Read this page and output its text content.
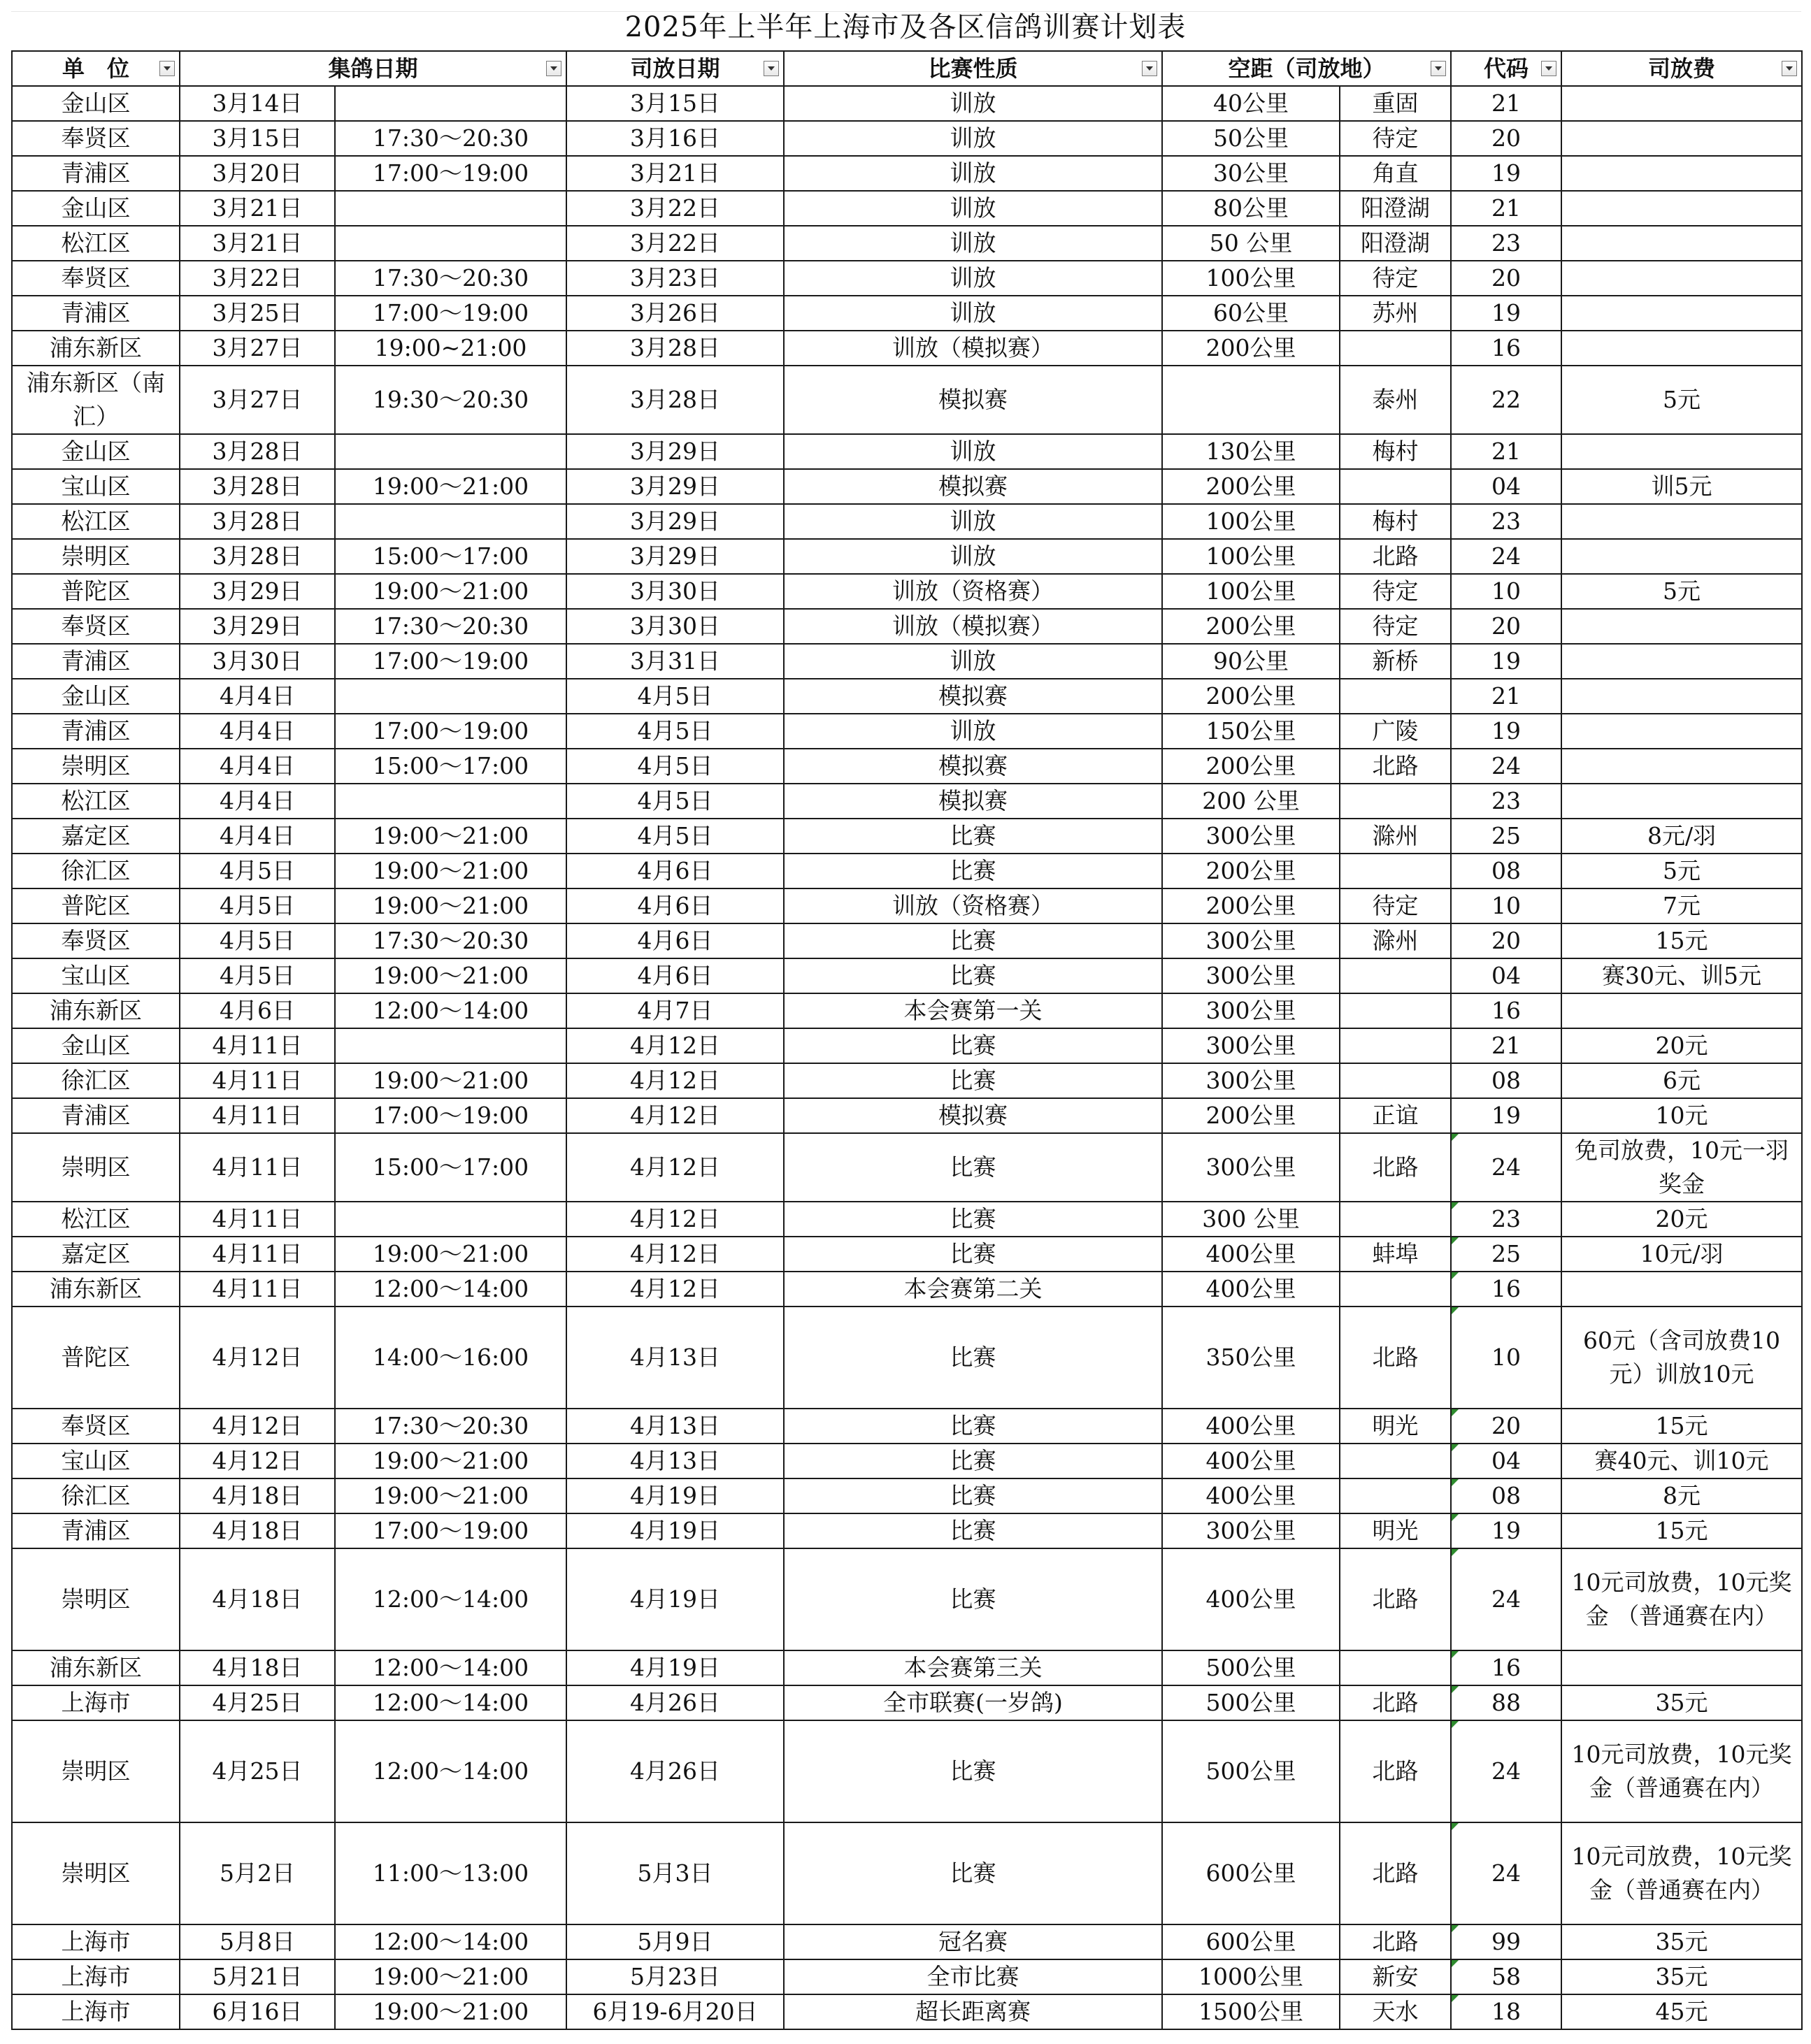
2025年上半年上海市及各区信鸽训赛计划表
单　位	集鸽日期		司放日期	比赛性质	空距（司放地）		代码	司放费

金山区	3月14日		3月15日	训放	40公里	重固	21	
奉贤区	3月15日	17:30～20:30	3月16日	训放	50公里	待定	20	
青浦区	3月20日	17:00～19:00	3月21日	训放	30公里	角直	19	
金山区	3月21日		3月22日	训放	80公里	阳澄湖	21	
松江区	3月21日		3月22日	训放	50 公里	阳澄湖	23	
奉贤区	3月22日	17:30～20:30	3月23日	训放	100公里	待定	20	
青浦区	3月25日	17:00～19:00	3月26日	训放	60公里	苏州	19	
浦东新区	3月27日	19:00~21:00	3月28日	训放（模拟赛）	200公里		16	
浦东新区（南汇）	3月27日	19:30～20:30	3月28日	模拟赛		泰州	22	5元
金山区	3月28日		3月29日	训放	130公里	梅村	21	
宝山区	3月28日	19:00～21:00	3月29日	模拟赛	200公里		04	训5元
松江区	3月28日		3月29日	训放	100公里	梅村	23	
崇明区	3月28日	15:00～17:00	3月29日	训放	100公里	北路	24	
普陀区	3月29日	19:00～21:00	3月30日	训放（资格赛）	100公里	待定	10	5元
奉贤区	3月29日	17:30～20:30	3月30日	训放（模拟赛）	200公里	待定	20	
青浦区	3月30日	17:00～19:00	3月31日	训放	90公里	新桥	19	
金山区	4月4日		4月5日	模拟赛	200公里		21	
青浦区	4月4日	17:00～19:00	4月5日	训放	150公里	广陵	19	
崇明区	4月4日	15:00～17:00	4月5日	模拟赛	200公里	北路	24	
松江区	4月4日		4月5日	模拟赛	200 公里		23	
嘉定区	4月4日	19:00～21:00	4月5日	比赛	300公里	滁州	25	8元/羽
徐汇区	4月5日	19:00～21:00	4月6日	比赛	200公里		08	5元
普陀区	4月5日	19:00～21:00	4月6日	训放（资格赛）	200公里	待定	10	7元
奉贤区	4月5日	17:30～20:30	4月6日	比赛	300公里	滁州	20	15元
宝山区	4月5日	19:00～21:00	4月6日	比赛	300公里		04	赛30元、训5元
浦东新区	4月6日	12:00～14:00	4月7日	本会赛第一关	300公里		16	
金山区	4月11日		4月12日	比赛	300公里		21	20元
徐汇区	4月11日	19:00～21:00	4月12日	比赛	300公里		08	6元
青浦区	4月11日	17:00～19:00	4月12日	模拟赛	200公里	正谊	19	10元
崇明区	4月11日	15:00～17:00	4月12日	比赛	300公里	北路	24	免司放费，10元一羽奖金
松江区	4月11日		4月12日	比赛	300 公里		23	20元
嘉定区	4月11日	19:00～21:00	4月12日	比赛	400公里	蚌埠	25	10元/羽
浦东新区	4月11日	12:00～14:00	4月12日	本会赛第二关	400公里		16

普陀区	4月12日	14:00～16:00	4月13日	比赛	350公里	北路	10	60元（含司放费10元）训放10元
奉贤区	4月12日	17:30～20:30	4月13日	比赛	400公里	明光	20	15元
宝山区	4月12日	19:00～21:00	4月13日	比赛	400公里		04	赛40元、训10元
徐汇区	4月18日	19:00～21:00	4月19日	比赛	400公里		08	8元
青浦区	4月18日	17:00～19:00	4月19日	比赛	300公里	明光	19	15元
崇明区	4月18日	12:00～14:00	4月19日	比赛	400公里	北路	24	10元司放费，10元奖金 （普通赛在内）
浦东新区	4月18日	12:00～14:00	4月19日	本会赛第三关	500公里		16

上海市	4月25日	12:00～14:00	4月26日	全市联赛(一岁鸽)	500公里	北路	88	35元
崇明区	4月25日	12:00～14:00	4月26日	比赛	500公里	北路	24	10元司放费，10元奖金（普通赛在内）
崇明区	5月2日	11:00～13:00	5月3日	比赛	600公里	北路	24	10元司放费，10元奖金（普通赛在内）
上海市	5月8日	12:00～14:00	5月9日	冠名赛	600公里	北路	99	35元
上海市	5月21日	19:00～21:00	5月23日	全市比赛	1000公里	新安	58	35元
上海市	6月16日	19:00～21:00	6月19-6月20日	超长距离赛	1500公里	天水	18	45元
